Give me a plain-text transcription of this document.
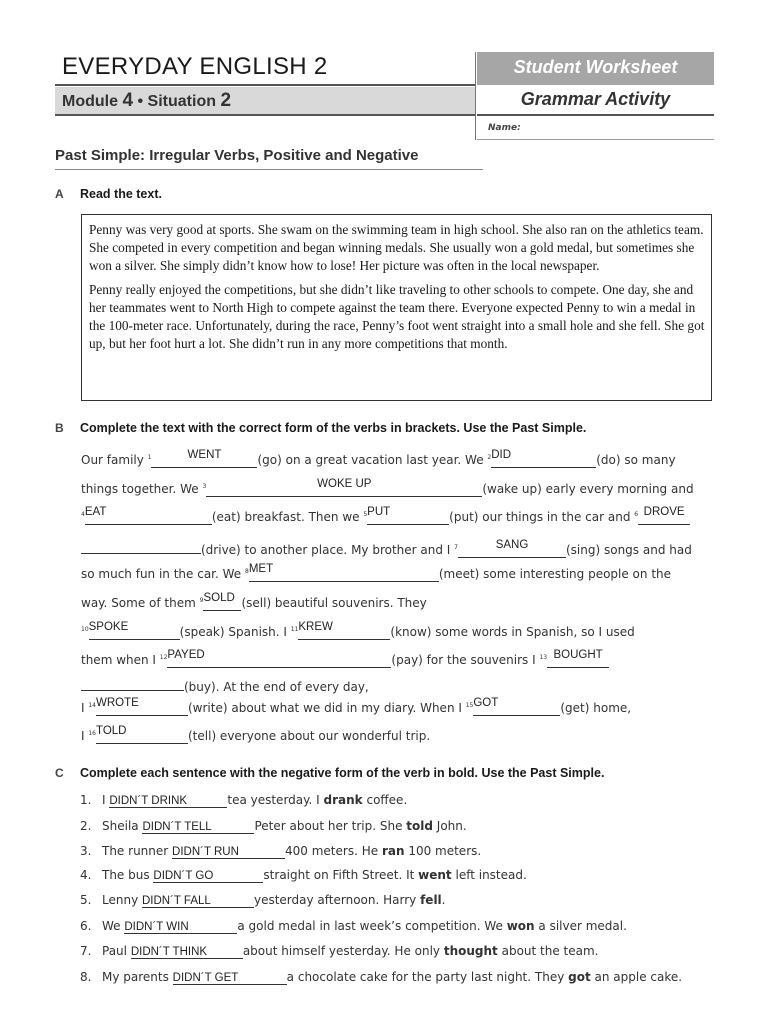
EVERYDAY ENGLISH 2
Module 4 • Situation 2
Student Worksheet
Grammar Activity
Name:
Past Simple: Irregular Verbs, Positive and Negative
A Read the text.

Penny was very good at sports. She swam on the swimming team in high school. She also ran on the athletics team. She competed in every competition and began winning medals. She usually won a gold medal, but sometimes she won a silver. She simply didn’t know how to lose! Her picture was often in the local newspaper.

Penny really enjoyed the competitions, but she didn’t like traveling to other schools to compete. One day, she and her teammates went to North High to compete against the team there. Everyone expected Penny to win a medal in the 100-meter race. Unfortunately, during the race, Penny’s foot went straight into a small hole and she fell. She got up, but her foot hurt a lot. She didn’t run in any more competitions that month.

B Complete the text with the correct form of the verbs in brackets. Use the Past Simple.
Our family $^1$	WENT	(go) on a great vacation last year. We $^2$DID	(do) so many
things together. We $^3$	WOKE UP	(wake up) early every morning and
$^4$EAT	(eat) breakfast. Then we $^5$PUT	(put) our things in the car and $^6$ DROVE
(drive) to another place. My brother and I $^7$	SANG	(sing) songs and had
so much fun in the car. We $^8$MET	(meet) some interesting people on the
way. Some of them $^9$SOLD (sell) beautiful souvenirs. They
$^{10}$SPOKE	(speak) Spanish. I $^{11}$KREW	(know) some words in Spanish, so I used
them when I $^{12}$PAYED	(pay) for the souvenirs I $^{13}$ BOUGHT
(buy). At the end of every day,
I $^{14}$WROTE	(write) about what we did in my diary. When I $^{15}$GOT	(get) home,
I $^{16}$TOLD	(tell) everyone about our wonderful trip.
C Complete each sentence with the negative form of the verb in bold. Use the Past Simple.
1. I DIDN´T DRINK	tea yesterday. I drank coffee.
2. Sheila DIDN´T TELL	Peter about her trip. She told John.
3. The runner DIDN´T RUN	400 meters. He ran 100 meters.
4. The bus DIDN´T GO	straight on Fifth Street. It went left instead.
5. Lenny DIDN´T FALL	yesterday afternoon. Harry fell.
6. We DIDN´T WIN	a gold medal in last week’s competition. We won a silver medal.
7. Paul DIDN´T THINK	about himself yesterday. He only thought about the team.
8. My parents DIDN´T GET	a chocolate cake for the party last night. They got an apple cake.
